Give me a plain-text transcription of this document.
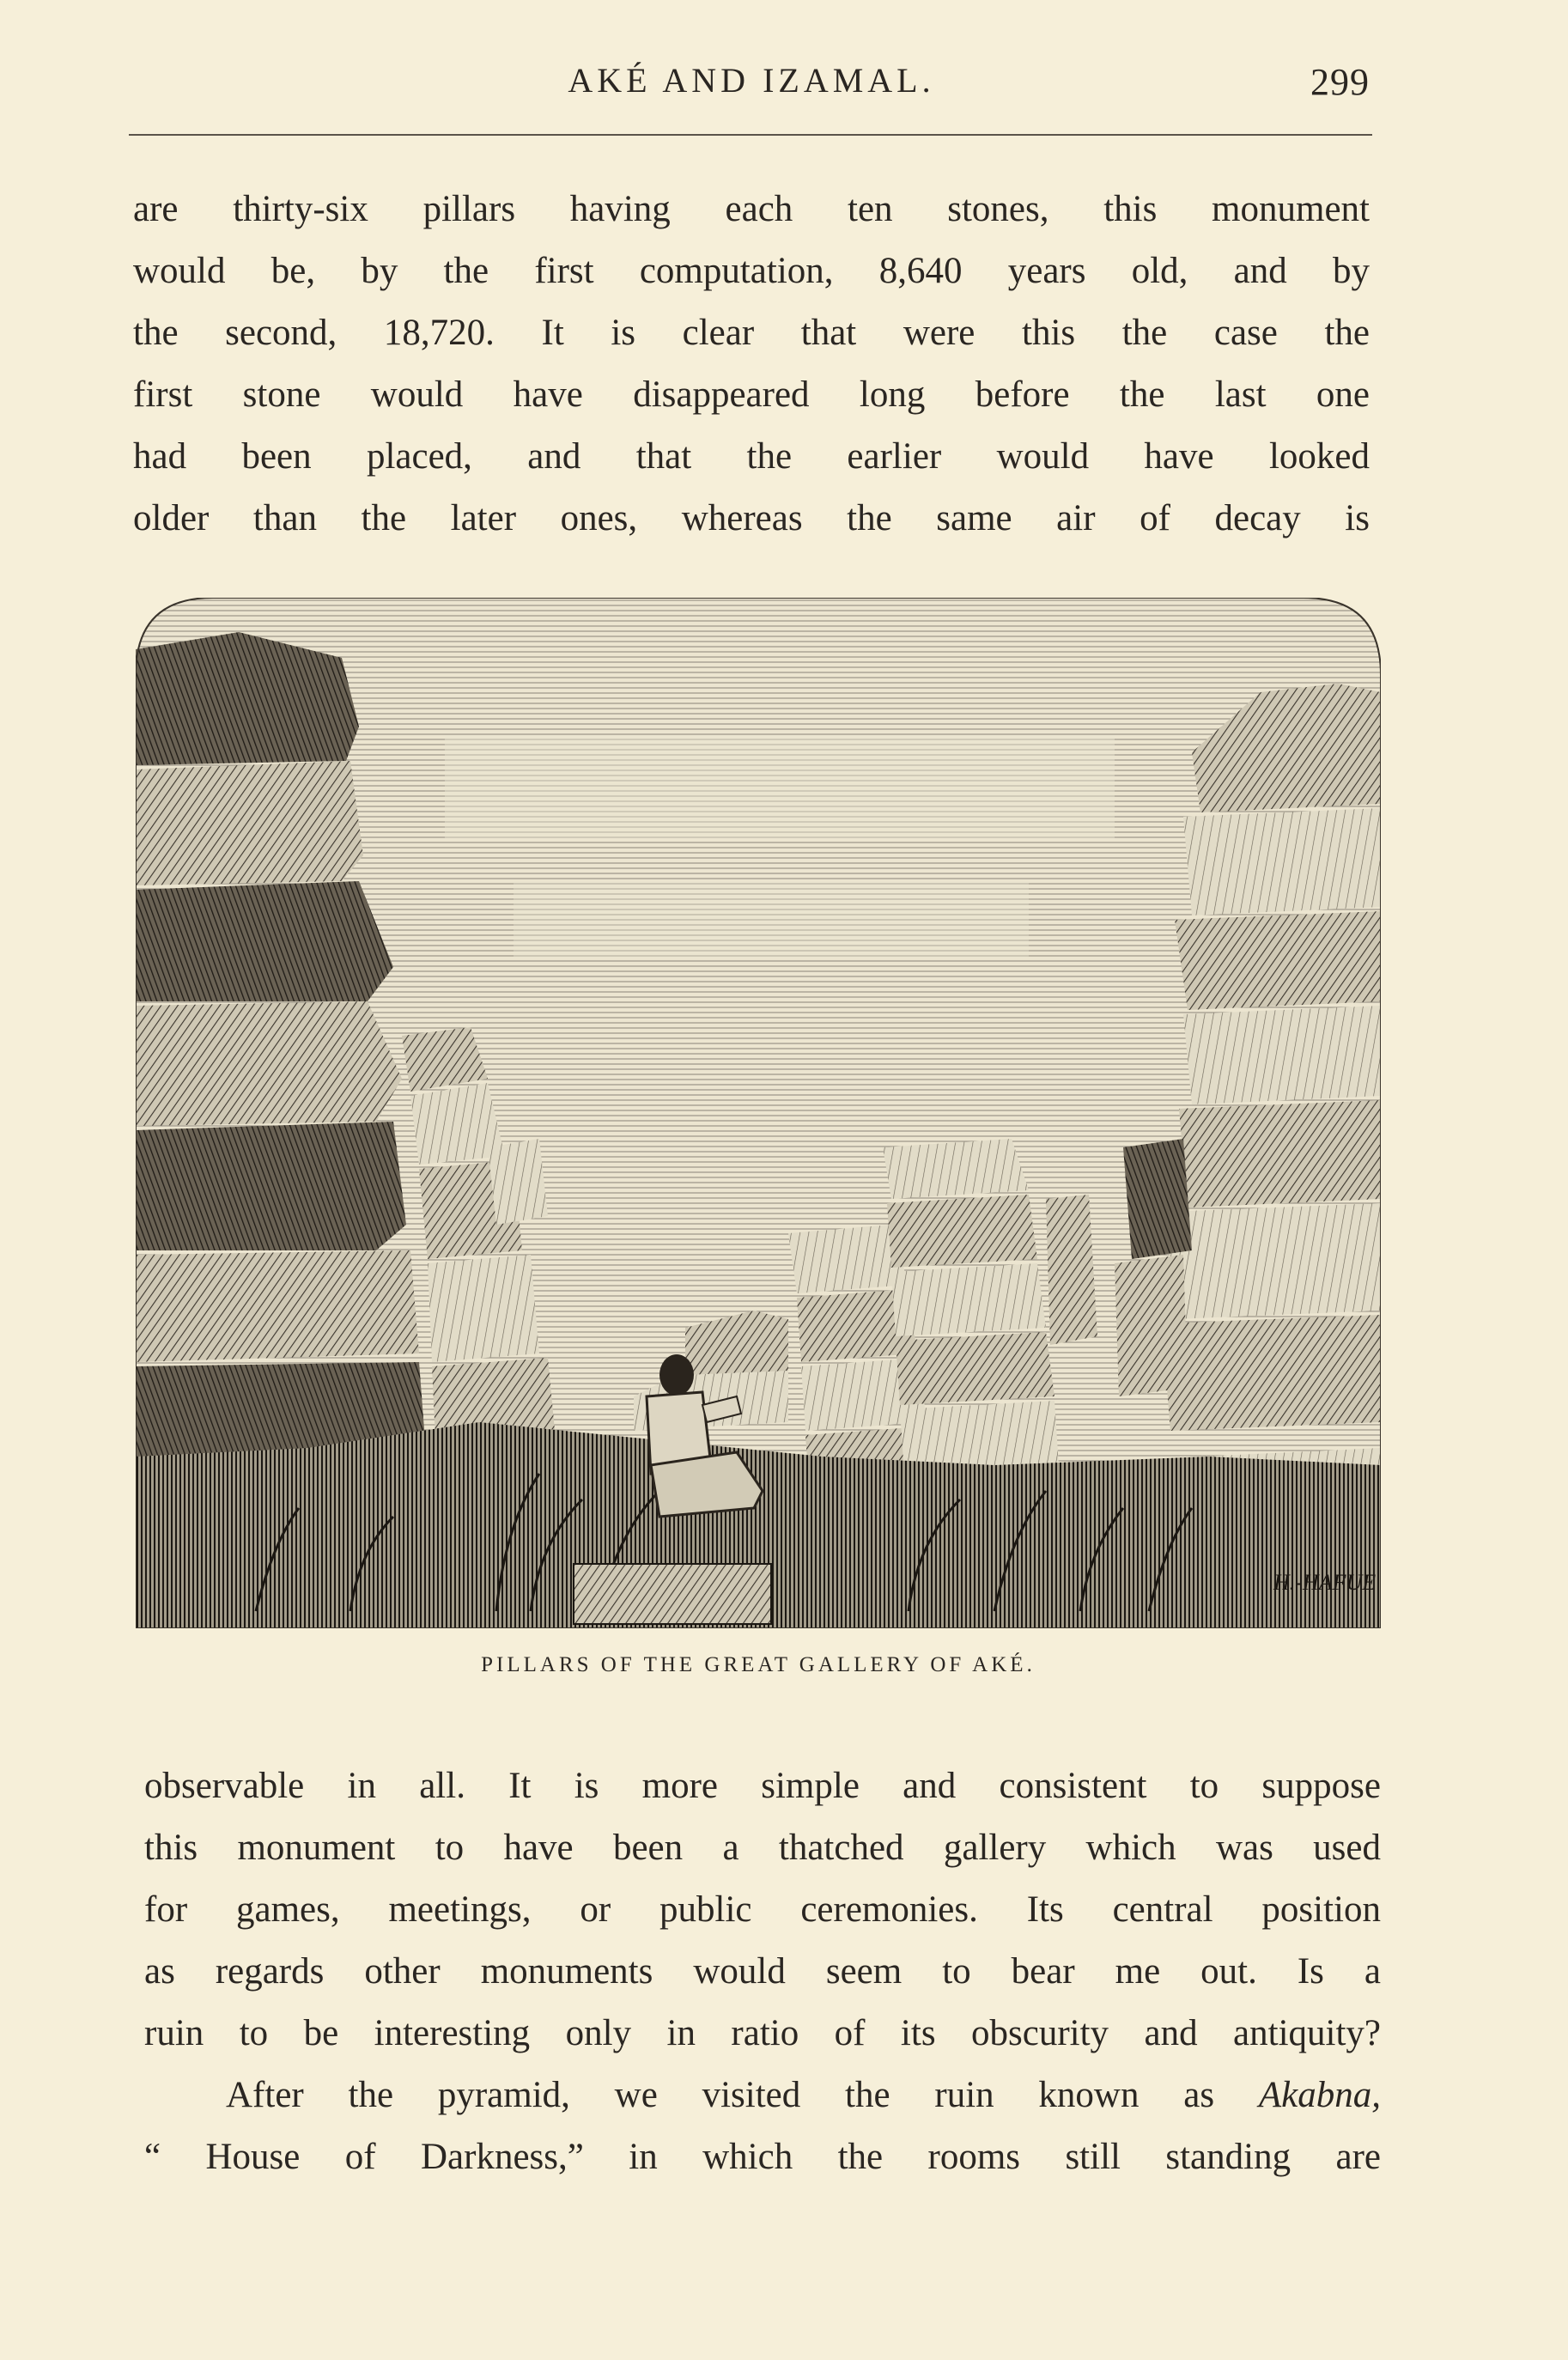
AKÉ AND IZAMAL.	299
are thirty-six pillars having each ten stones, this monument
would be, by the first computation, 8,640 years old, and by
the second, 18,720. It is clear that were this the case the
first stone would have disappeared long before the last one
had been placed, and that the earlier would have looked
older than the later ones, whereas the same air of decay is
H.-HAFUE
PILLARS OF THE GREAT GALLERY OF AKÉ.
observable in all. It is more simple and consistent to suppose
this monument to have been a thatched gallery which was used
for games, meetings, or public ceremonies. Its central position
as regards other monuments would seem to bear me out. Is a
ruin to be interesting only in ratio of its obscurity and antiquity?
After the pyramid, we visited the ruin known as Akabna,
“ House of Darkness,” in which the rooms still standing are
